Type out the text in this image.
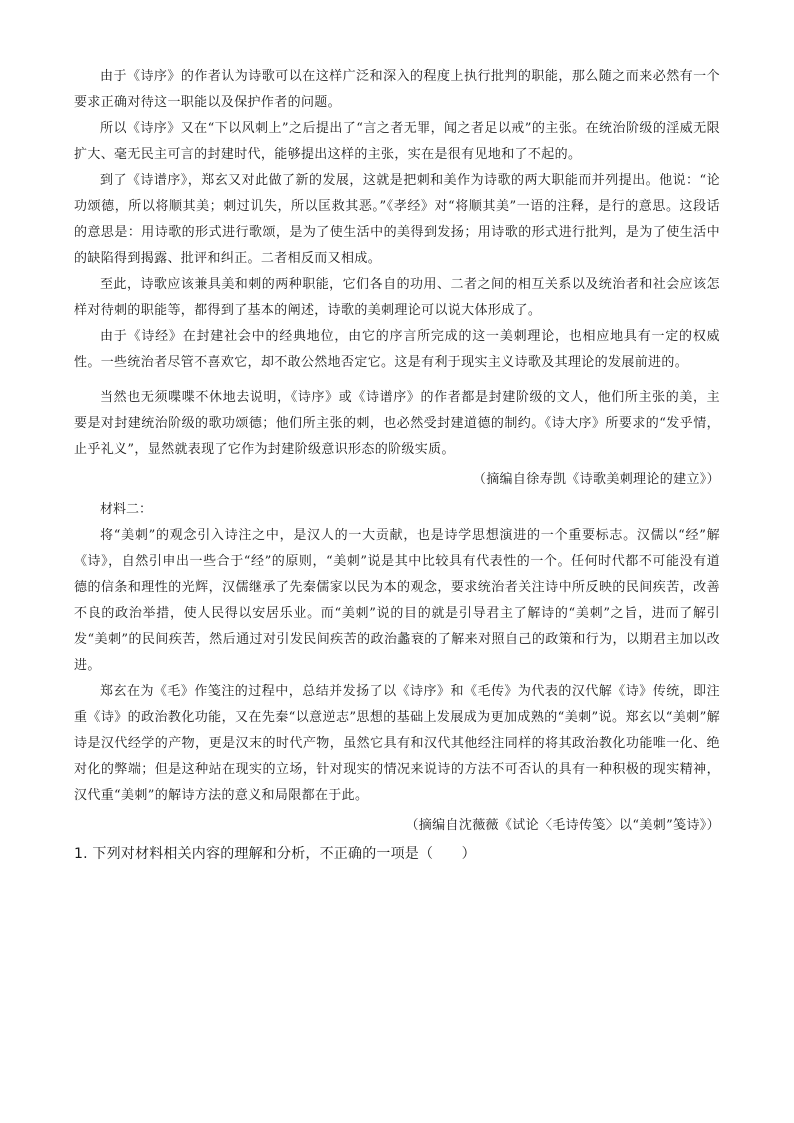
由于《诗序》的作者认为诗歌可以在这样广泛和深入的程度上执行批判的职能，那么随之而来必然有一个要求正确对待这一职能以及保护作者的问题。

所以《诗序》又在“下以风刺上”之后提出了“言之者无罪，闻之者足以戒”的主张。在统治阶级的淫威无限扩大、毫无民主可言的封建时代，能够提出这样的主张，实在是很有见地和了不起的。

到了《诗谱序》，郑玄又对此做了新的发展，这就是把刺和美作为诗歌的两大职能而并列提出。他说：“论功颂德，所以将顺其美；刺过讥失，所以匡救其恶。”《孝经》对“将顺其美”一语的注释，是行的意思。这段话的意思是：用诗歌的形式进行歌颂，是为了使生活中的美得到发扬；用诗歌的形式进行批判，是为了使生活中的缺陷得到揭露、批评和纠正。二者相反而又相成。

至此，诗歌应该兼具美和刺的两种职能，它们各自的功用、二者之间的相互关系以及统治者和社会应该怎样对待刺的职能等，都得到了基本的阐述，诗歌的美刺理论可以说大体形成了。

由于《诗经》在封建社会中的经典地位，由它的序言所完成的这一美刺理论，也相应地具有一定的权威性。一些统治者尽管不喜欢它，却不敢公然地否定它。这是有利于现实主义诗歌及其理论的发展前进的。

当然也无须喋喋不休地去说明，《诗序》或《诗谱序》的作者都是封建阶级的文人，他们所主张的美，主要是对封建统治阶级的歌功颂德；他们所主张的刺，也必然受封建道德的制约。《诗大序》所要求的“发乎情，止乎礼义”，显然就表现了它作为封建阶级意识形态的阶级实质。

（摘编自徐寿凯《诗歌美刺理论的建立》）

材料二：

将“美刺”的观念引入诗注之中，是汉人的一大贡献，也是诗学思想演进的一个重要标志。汉儒以“经”解《诗》，自然引申出一些合于“经”的原则，“美刺”说是其中比较具有代表性的一个。任何时代都不可能没有道德的信条和理性的光辉，汉儒继承了先秦儒家以民为本的观念，要求统治者关注诗中所反映的民间疾苦，改善不良的政治举措，使人民得以安居乐业。而“美刺”说的目的就是引导君主了解诗的“美刺”之旨，进而了解引发“美刺”的民间疾苦，然后通过对引发民间疾苦的政治蠡衰的了解来对照自己的政策和行为，以期君主加以改进。

郑玄在为《毛》作笺注的过程中，总结并发扬了以《诗序》和《毛传》为代表的汉代解《诗》传统，即注重《诗》的政治教化功能，又在先秦“以意逆志”思想的基础上发展成为更加成熟的“美刺”说。郑玄以“美刺”解诗是汉代经学的产物，更是汉末的时代产物，虽然它具有和汉代其他经注同样的将其政治教化功能唯一化、绝对化的弊端；但是这种站在现实的立场，针对现实的情况来说诗的方法不可否认的具有一种积极的现实精神，汉代重“美刺”的解诗方法的意义和局限都在于此。

（摘编自沈薇薇《试论〈毛诗传笺〉以“美刺”笺诗》）

1. 下列对材料相关内容的理解和分析，不正确的一项是（　　）
